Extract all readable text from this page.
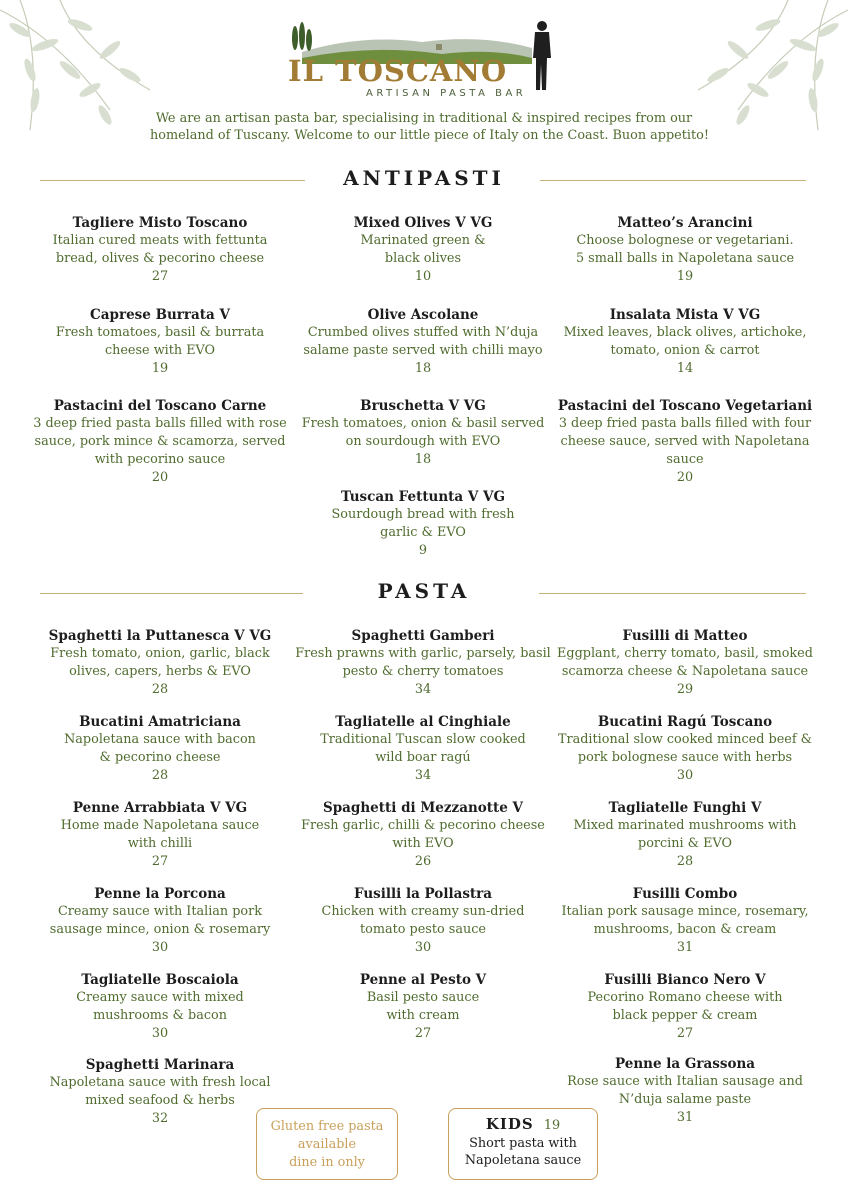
IL TOSCANO
ARTISAN PASTA BAR
We are an artisan pasta bar, specialising in traditional & inspired recipes from our
homeland of Tuscany. Welcome to our little piece of Italy on the Coast. Buon appetito!
ANTIPASTI
PASTA
Tagliere Misto Toscano
Italian cured meats with fettunta
bread, olives & pecorino cheese
27
Mixed Olives V VG
Marinated green &
black olives
10
Matteo’s Arancini
Choose bolognese or vegetariani.
5 small balls in Napoletana sauce
19
Caprese Burrata V
Fresh tomatoes, basil & burrata
cheese with EVO
19
Olive Ascolane
Crumbed olives stuffed with N’duja
salame paste served with chilli mayo
18
Insalata Mista V VG
Mixed leaves, black olives, artichoke,
tomato, onion & carrot
14
Pastacini del Toscano Carne
3 deep fried pasta balls filled with rose
sauce, pork mince & scamorza, served
with pecorino sauce
20
Bruschetta V VG
Fresh tomatoes, onion & basil served
on sourdough with EVO
18
Pastacini del Toscano Vegetariani
3 deep fried pasta balls filled with four
cheese sauce, served with Napoletana
sauce
20
Tuscan Fettunta V VG
Sourdough bread with fresh
garlic & EVO
9
Spaghetti la Puttanesca V VG
Fresh tomato, onion, garlic, black
olives, capers, herbs & EVO
28
Spaghetti Gamberi
Fresh prawns with garlic, parsely, basil
pesto & cherry tomatoes
34
Fusilli di Matteo
Eggplant, cherry tomato, basil, smoked
scamorza cheese & Napoletana sauce
29
Bucatini Amatriciana
Napoletana sauce with bacon
& pecorino cheese
28
Tagliatelle al Cinghiale
Traditional Tuscan slow cooked
wild boar ragú
34
Bucatini Ragú Toscano
Traditional slow cooked minced beef &
pork bolognese sauce with herbs
30
Penne Arrabbiata V VG
Home made Napoletana sauce
with chilli
27
Spaghetti di Mezzanotte V
Fresh garlic, chilli & pecorino cheese
with EVO
26
Tagliatelle Funghi V
Mixed marinated mushrooms with
porcini & EVO
28
Penne la Porcona
Creamy sauce with Italian pork
sausage mince, onion & rosemary
30
Fusilli la Pollastra
Chicken with creamy sun-dried
tomato pesto sauce
30
Fusilli Combo
Italian pork sausage mince, rosemary,
mushrooms, bacon & cream
31
Tagliatelle Boscaiola
Creamy sauce with mixed
mushrooms & bacon
30
Penne al Pesto V
Basil pesto sauce
with cream
27
Fusilli Bianco Nero V
Pecorino Romano cheese with
black pepper & cream
27
Spaghetti Marinara
Napoletana sauce with fresh local
mixed seafood & herbs
32
Penne la Grassona
Rose sauce with Italian sausage and
N’duja salame paste
31
Gluten free pasta
available
dine in only
KIDS 19
Short pasta with
Napoletana sauce
